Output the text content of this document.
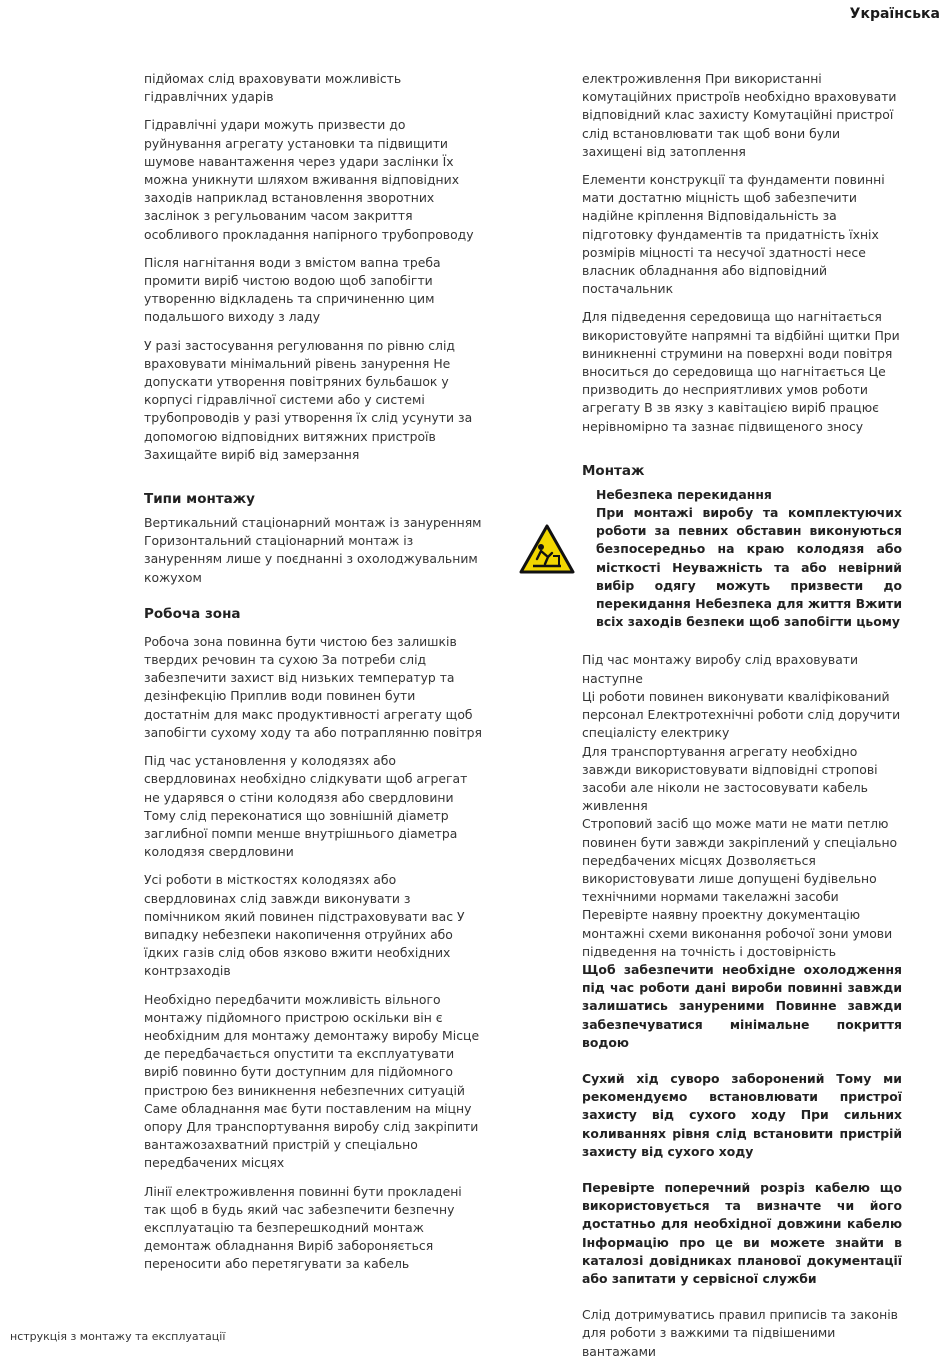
Українська

підйомах слід враховувати можливість гідравлічних ударів

Гідравлічні удари можуть призвести до руйнування агрегату установки та підвищити шумове навантаження через удари заслінки Їх можна уникнути шляхом вживання відповідних заходів наприклад встановлення зворотних заслінок з регульованим часом закриття особливого прокладання напірного трубопроводу

Після нагнітання води з вмістом вапна треба промити виріб чистою водою щоб запобігти утворенню відкладень та спричиненню цим подальшого виходу з ладу

У разі застосування регулювання по рівню слід враховувати мінімальний рівень занурення Не допускати утворення повітряних бульбашок у корпусі гідравлічної системи або у системі трубопроводів у разі утворення їх слід усунути за допомогою відповідних витяжних пристроїв Захищайте виріб від замерзання

Типи монтажу
Вертикальний стаціонарний монтаж із зануренням
Горизонтальний стаціонарний монтаж із зануренням лише у поєднанні з охолоджувальним кожухом
Робоча зона

Робоча зона повинна бути чистою без залишків твердих речовин та сухою За потреби слід забезпечити захист від низьких температур та дезінфекцію Приплив води повинен бути достатнім для макс продуктивності агрегату щоб запобігти сухому ходу та або потраплянню повітря

Під час установлення у колодязях або свердловинах необхідно слідкувати щоб агрегат не ударявся о стіни колодязя або свердловини Тому слід переконатися що зовнішній діаметр заглибної помпи менше внутрішнього діаметра колодязя свердловини

Усі роботи в місткостях колодязях або свердловинах слід завжди виконувати з помічником який повинен підстраховувати вас У випадку небезпеки накопичення отруйних або їдких газів слід обов язково вжити необхідних контрзаходів

Необхідно передбачити можливість вільного монтажу підйомного пристрою оскільки він є необхідним для монтажу демонтажу виробу Місце де передбачається опустити та експлуатувати виріб повинно бути доступним для підйомного пристрою без виникнення небезпечних ситуацій Саме обладнання має бути поставленим на міцну опору Для транспортування виробу слід закріпити вантажозахватний пристрій у спеціально передбачених місцях

Лінії електроживлення повинні бути прокладені так щоб в будь який час забезпечити безпечну експлуатацію та безперешкодний монтаж демонтаж обладнання Виріб забороняється переносити або перетягувати за кабель

електроживлення При використанні комутаційних пристроїв необхідно враховувати відповідний клас захисту Комутаційні пристрої слід встановлювати так щоб вони були захищені від затоплення

Елементи конструкції та фундаменти повинні мати достатню міцність щоб забезпечити надійне кріплення Відповідальність за підготовку фундаментів та придатність їхніх розмірів міцності та несучої здатності несе власник обладнання або відповідний постачальник

Для підведення середовища що нагнітається використовуйте напрямні та відбійні щитки При виникненні струмини на поверхні води повітря вноситься до середовища що нагнітається Це призводить до несприятливих умов роботи агрегату В зв язку з кавітацією виріб працює нерівномірно та зазнає підвищеного зносу

Монтаж
Небезпека перекидання
При монтажі виробу та комплектуючих роботи за певних обставин виконуються безпосередньо на краю колодязя або місткості Неуважність та або невірний вибір одягу можуть призвести до перекидання Небезпека для життя Вжити всіх заходів безпеки щоб запобігти цьому
Під час монтажу виробу слід враховувати наступне
Ці роботи повинен виконувати кваліфікований персонал Електротехнічні роботи слід доручити спеціалісту електрику
Для транспортування агрегату необхідно завжди використовувати відповідні стропові засоби але ніколи не застосовувати кабель живлення
Строповий засіб що може мати не мати петлю повинен бути завжди закріплений у спеціально передбачених місцях Дозволяється використовувати лише допущені будівельно технічними нормами такелажні засоби
Перевірте наявну проектну документацію монтажні схеми виконання робочої зони умови підведення на точність і достовірність

Щоб забезпечити необхідне охолодження під час роботи дані вироби повинні завжди залишатись зануреними Повинне завжди забезпечуватися мінімальне покриття водою

Сухий хід суворо заборонений Тому ми рекомендуємо встановлювати пристрої захисту від сухого ходу При сильних коливаннях рівня слід встановити пристрій захисту від сухого ходу

Перевірте поперечний розріз кабелю що використовується та визначте чи його достатньо для необхідної довжини кабелю Інформацію про це ви можете знайти в каталозі довідниках планової документації або запитати у сервісної служби

Слід дотримуватись правил приписів та законів для роботи з важкими та підвішеними вантажами

нструкція з монтажу та експлуатації
